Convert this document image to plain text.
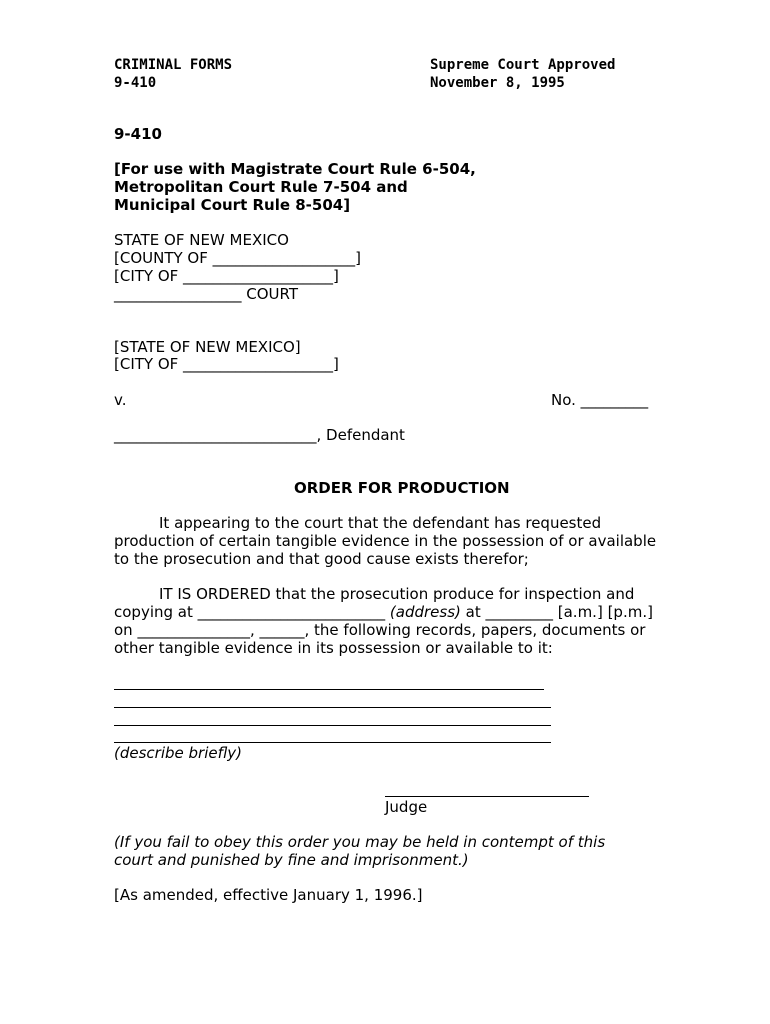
CRIMINAL FORMS
9-410
Supreme Court Approved
November 8, 1995
9-410
[For use with Magistrate Court Rule 6-504,
Metropolitan Court Rule 7-504 and
Municipal Court Rule 8-504]
STATE OF NEW MEXICO
[COUNTY OF ___________________]
[CITY OF ____________________]
_________________ COURT
[STATE OF NEW MEXICO]
[CITY OF ____________________]
v.	No. _________
___________________________, Defendant
ORDER FOR PRODUCTION
It appearing to the court that the defendant has requested production of certain tangible evidence in the possession of or available to the prosecution and that good cause exists therefor;
IT IS ORDERED that the prosecution produce for inspection and copying at _________________________ (address) at _________ [a.m.] [p.m.] on _______________, ______, the following records, papers, documents or other tangible evidence in its possession or available to it:
(describe briefly)
Judge
(If you fail to obey this order you may be held in contempt of this
court and punished by fine and imprisonment.)
[As amended, effective January 1, 1996.]
